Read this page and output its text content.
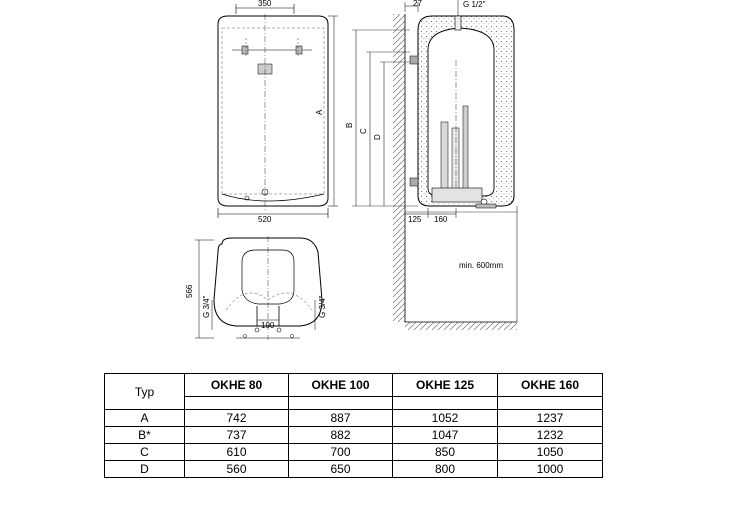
350
A
520
566
G 3/4"	G 3/4"
100
27	G 1/2"
B
C
D
125 160
min. 600mm
Typ	OKHE 80	OKHE 100	OKHE 125	OKHE 160

A	742	887	1052	1237
B*	737	882	1047	1232
C	610	700	850	1050
D	560	650	800	1000
